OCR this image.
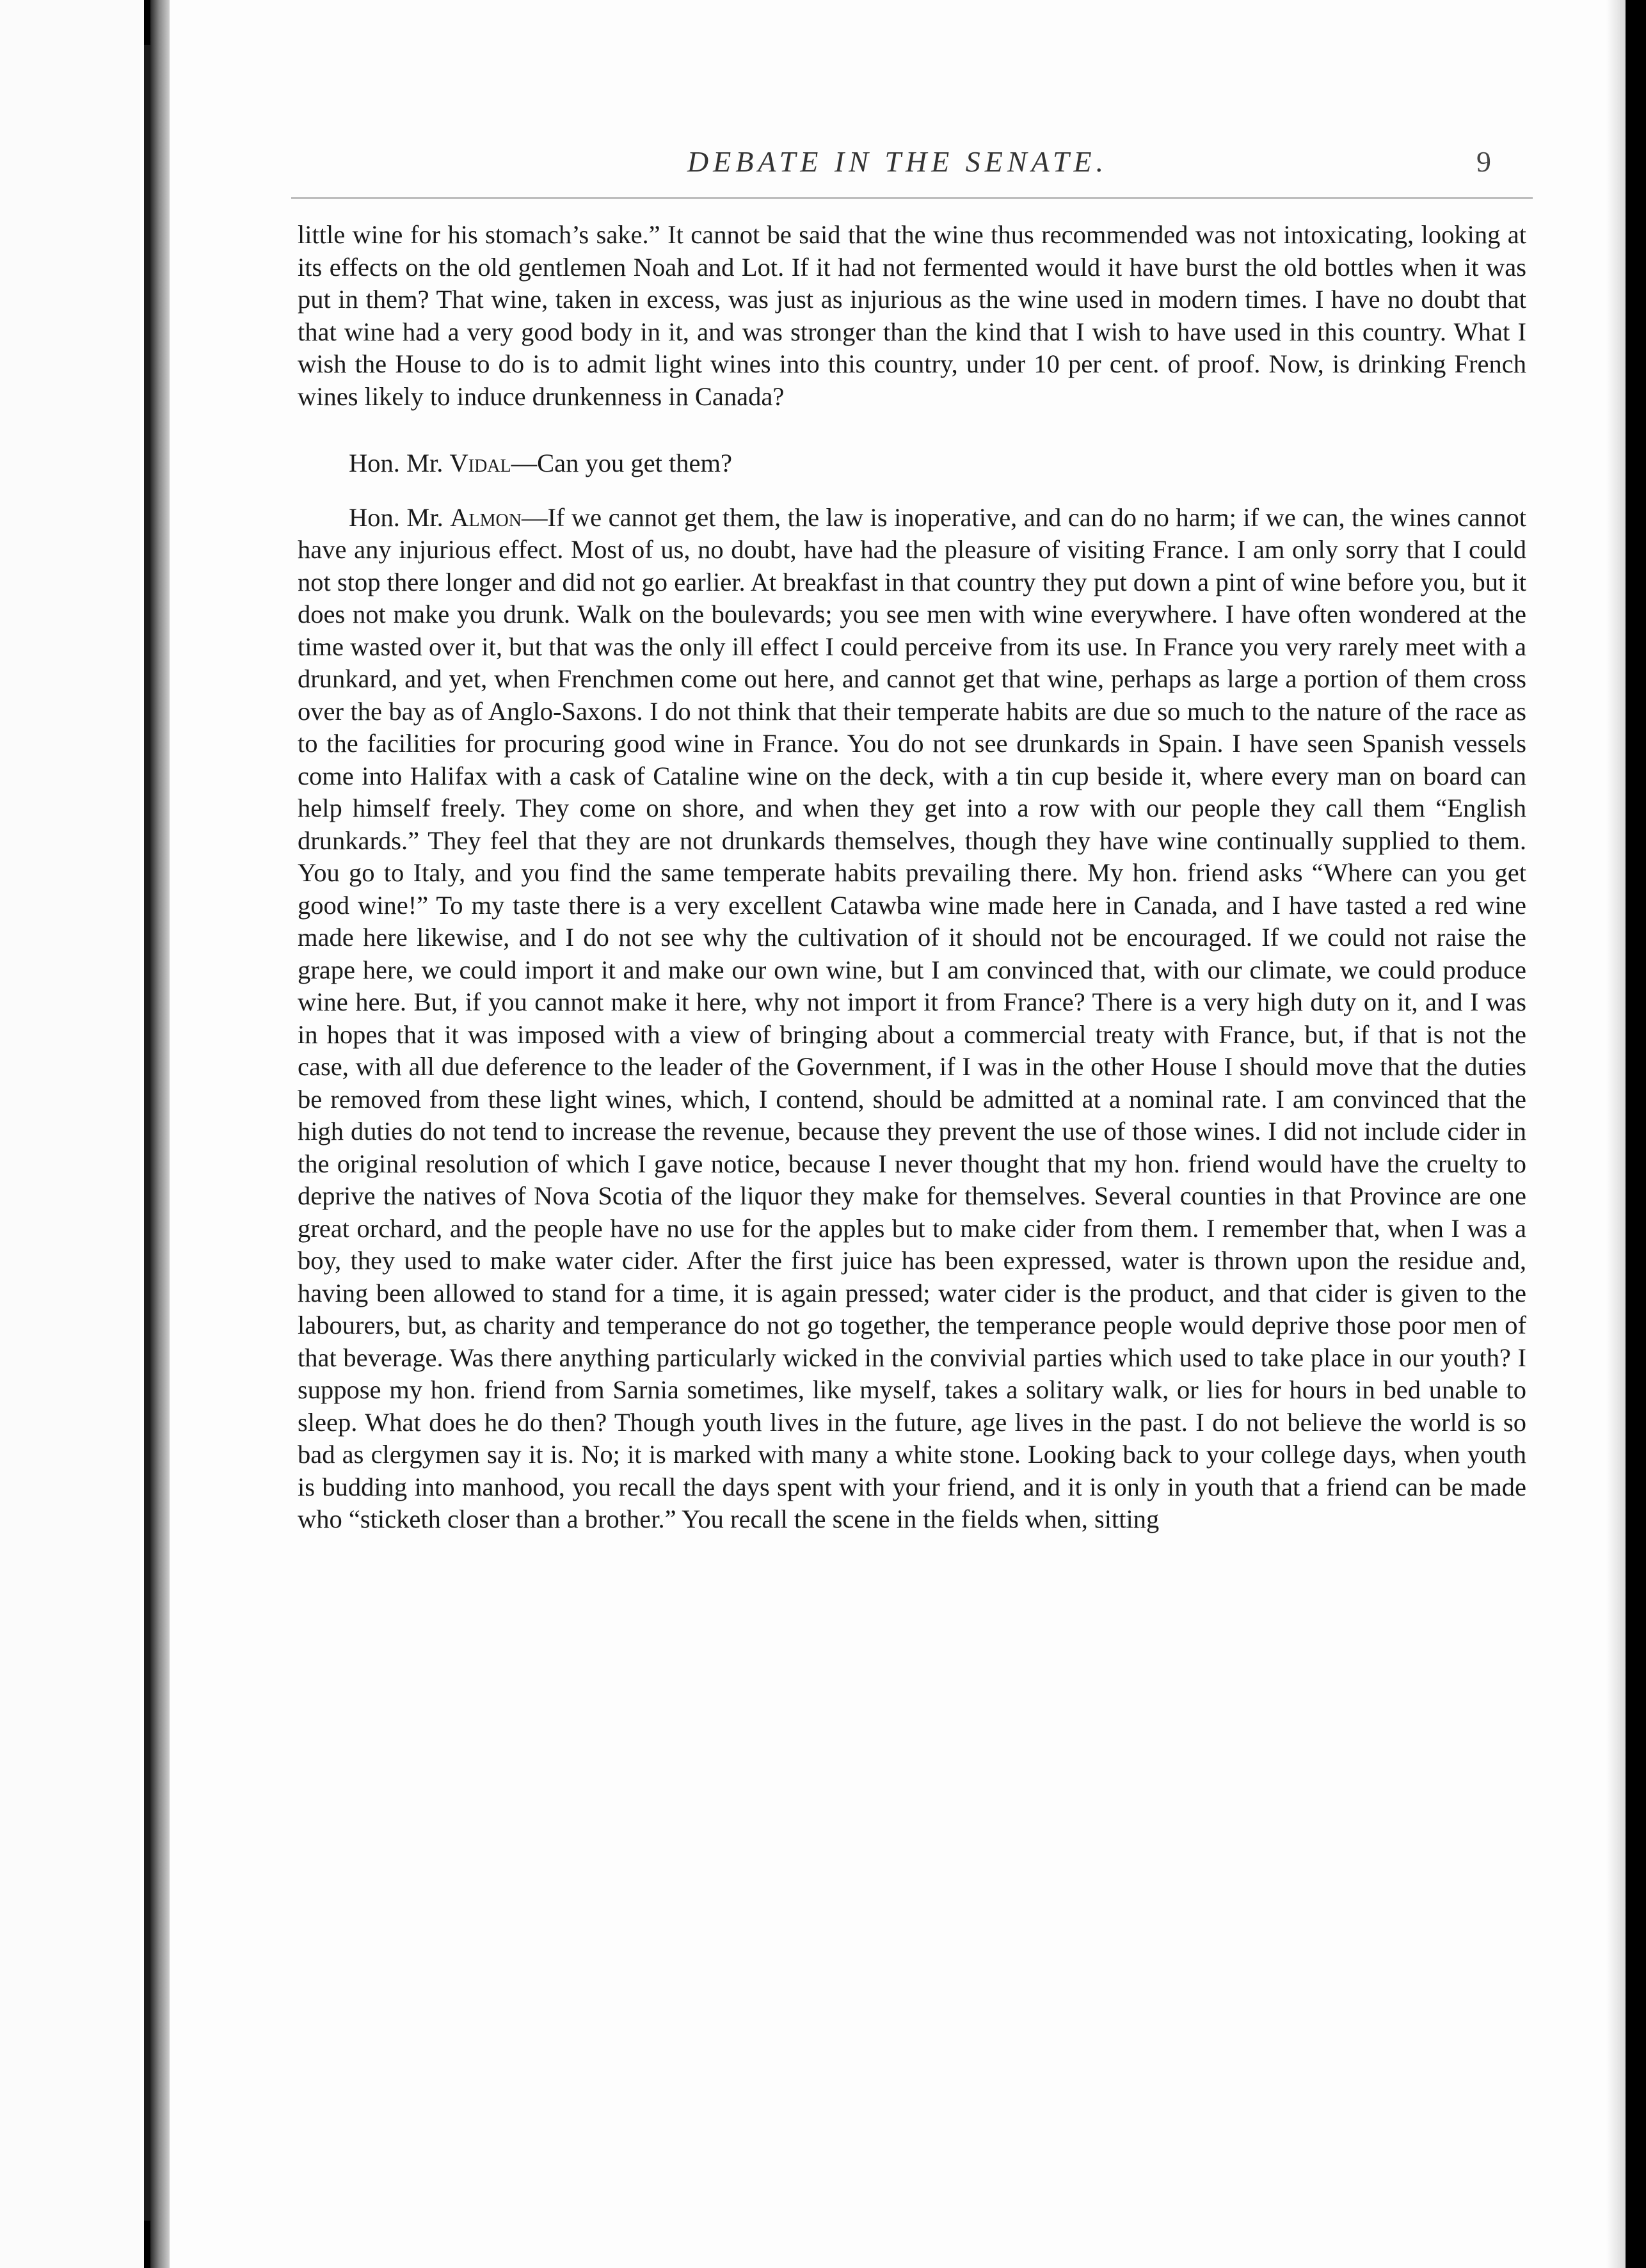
DEBATE IN THE SENATE.	9

little wine for his stomach’s sake.” It cannot be said that the wine thus recommended was not intoxicating, looking at its effects on the old gentlemen Noah and Lot. If it had not fermented would it have burst the old bottles when it was put in them? That wine, taken in excess, was just as injurious as the wine used in modern times. I have no doubt that that wine had a very good body in it, and was stronger than the kind that I wish to have used in this country. What I wish the House to do is to admit light wines into this country, under 10 per cent. of proof. Now, is drinking French wines likely to induce drunkenness in Canada?

Hon. Mr. Vidal—Can you get them?

Hon. Mr. Almon—If we cannot get them, the law is inoperative, and can do no harm; if we can, the wines cannot have any injurious effect. Most of us, no doubt, have had the pleasure of visiting France. I am only sorry that I could not stop there longer and did not go earlier. At breakfast in that country they put down a pint of wine before you, but it does not make you drunk. Walk on the boulevards; you see men with wine everywhere. I have often wondered at the time wasted over it, but that was the only ill effect I could perceive from its use. In France you very rarely meet with a drunkard, and yet, when Frenchmen come out here, and cannot get that wine, perhaps as large a portion of them cross over the bay as of Anglo-Saxons. I do not think that their temperate habits are due so much to the nature of the race as to the facilities for procuring good wine in France. You do not see drunkards in Spain. I have seen Spanish vessels come into Halifax with a cask of Cataline wine on the deck, with a tin cup beside it, where every man on board can help himself freely. They come on shore, and when they get into a row with our people they call them “English drunkards.” They feel that they are not drunkards themselves, though they have wine continually supplied to them. You go to Italy, and you find the same temperate habits prevailing there. My hon. friend asks “Where can you get good wine!” To my taste there is a very excellent Catawba wine made here in Canada, and I have tasted a red wine made here likewise, and I do not see why the cultivation of it should not be encouraged. If we could not raise the grape here, we could import it and make our own wine, but I am convinced that, with our climate, we could produce wine here. But, if you cannot make it here, why not import it from France? There is a very high duty on it, and I was in hopes that it was imposed with a view of bringing about a commercial treaty with France, but, if that is not the case, with all due deference to the leader of the Government, if I was in the other House I should move that the duties be removed from these light wines, which, I contend, should be admitted at a nominal rate. I am convinced that the high duties do not tend to increase the revenue, because they prevent the use of those wines. I did not include cider in the original resolution of which I gave notice, because I never thought that my hon. friend would have the cruelty to deprive the natives of Nova Scotia of the liquor they make for themselves. Several counties in that Province are one great orchard, and the people have no use for the apples but to make cider from them. I remember that, when I was a boy, they used to make water cider. After the first juice has been expressed, water is thrown upon the residue and, having been allowed to stand for a time, it is again pressed; water cider is the product, and that cider is given to the labourers, but, as charity and temperance do not go together, the temperance people would deprive those poor men of that beverage. Was there anything particularly wicked in the convivial parties which used to take place in our youth? I suppose my hon. friend from Sarnia sometimes, like myself, takes a solitary walk, or lies for hours in bed unable to sleep. What does he do then? Though youth lives in the future, age lives in the past. I do not believe the world is so bad as clergymen say it is. No; it is marked with many a white stone. Looking back to your college days, when youth is budding into manhood, you recall the days spent with your friend, and it is only in youth that a friend can be made who “sticketh closer than a brother.” You recall the scene in the fields when, sitting
